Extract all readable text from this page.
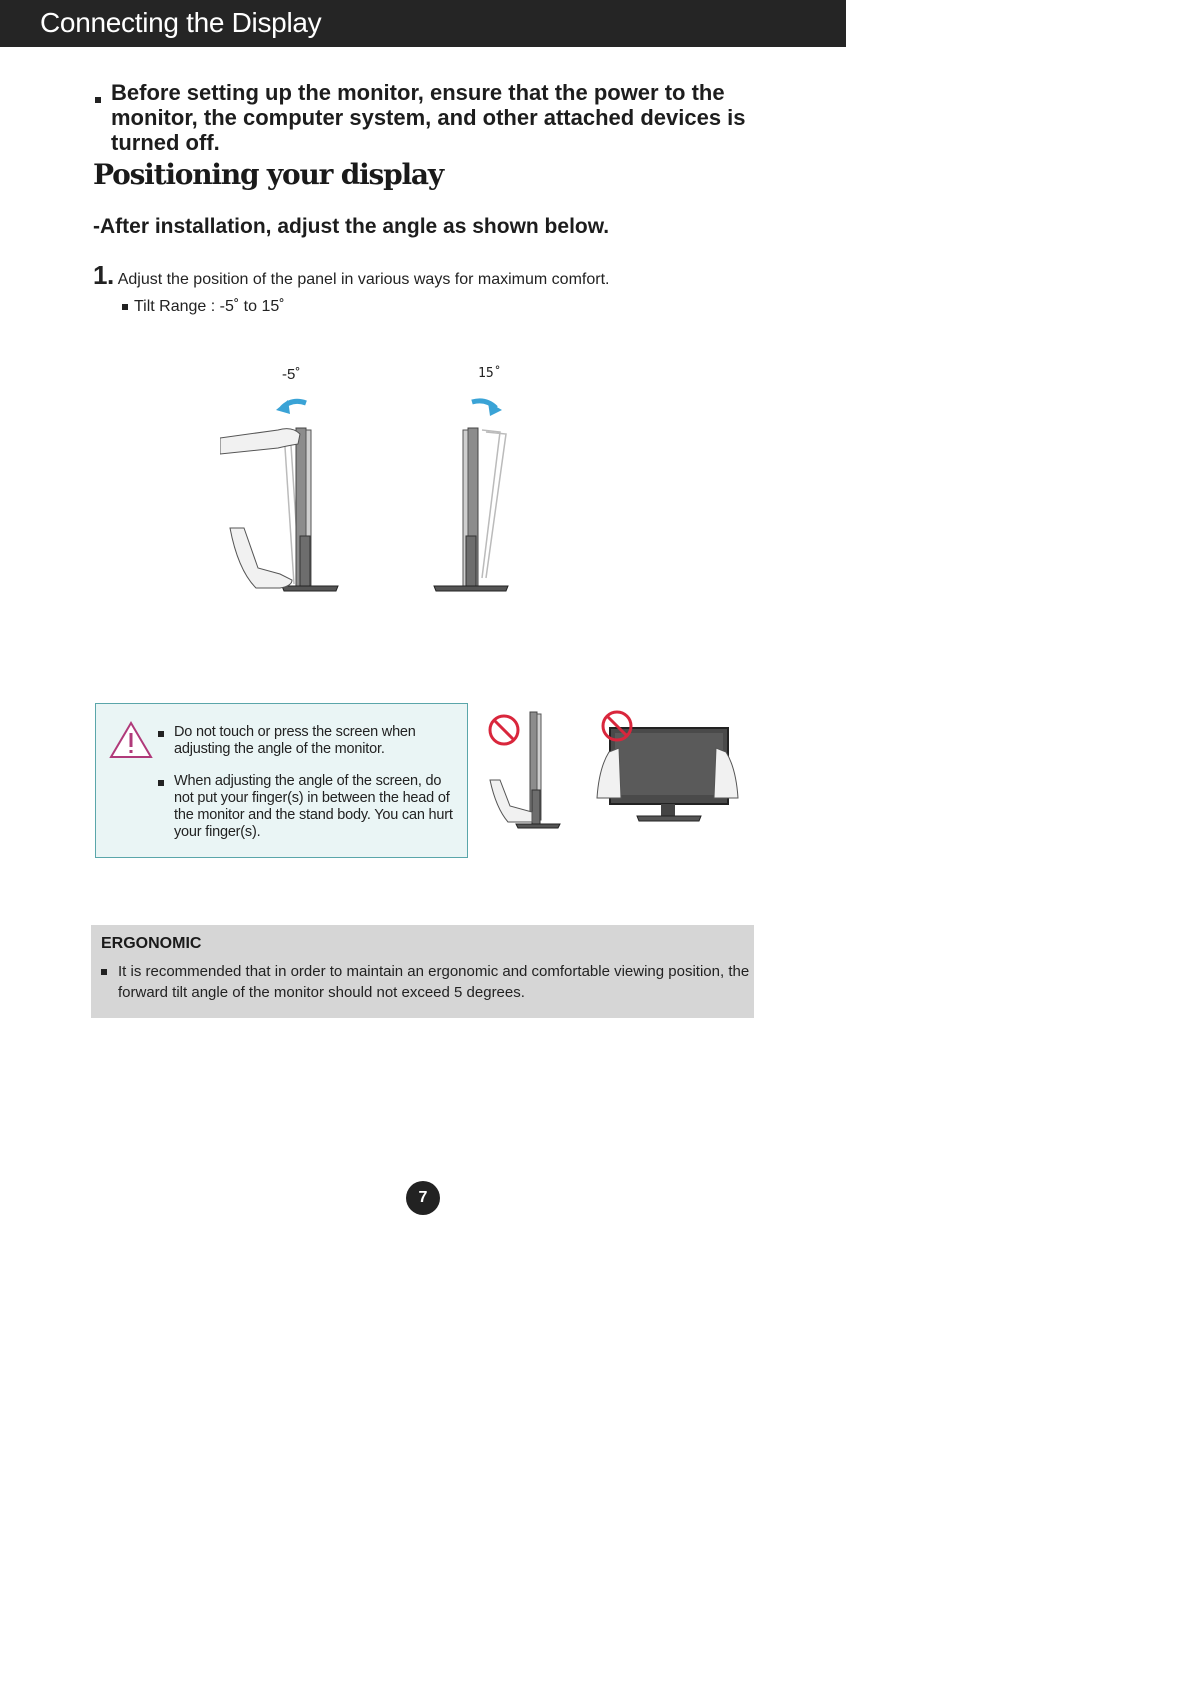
Connecting the Display
Before setting up the monitor, ensure that the power to the monitor, the computer system, and other attached devices is turned off.
Positioning your display
-After installation, adjust the angle as shown below.
1. Adjust the position of the panel in various ways for maximum comfort.
Tilt Range : -5˚ to 15˚
-5˚	15˚
Do not touch or press the screen when adjusting the angle of the monitor.
When adjusting the angle of the screen, do not put your finger(s) in between the head of the monitor and the stand body. You can hurt your finger(s).
ERGONOMIC
It is recommended that in order to maintain an ergonomic and comfortable viewing position, the forward tilt angle of the monitor should not exceed 5 degrees.
7
